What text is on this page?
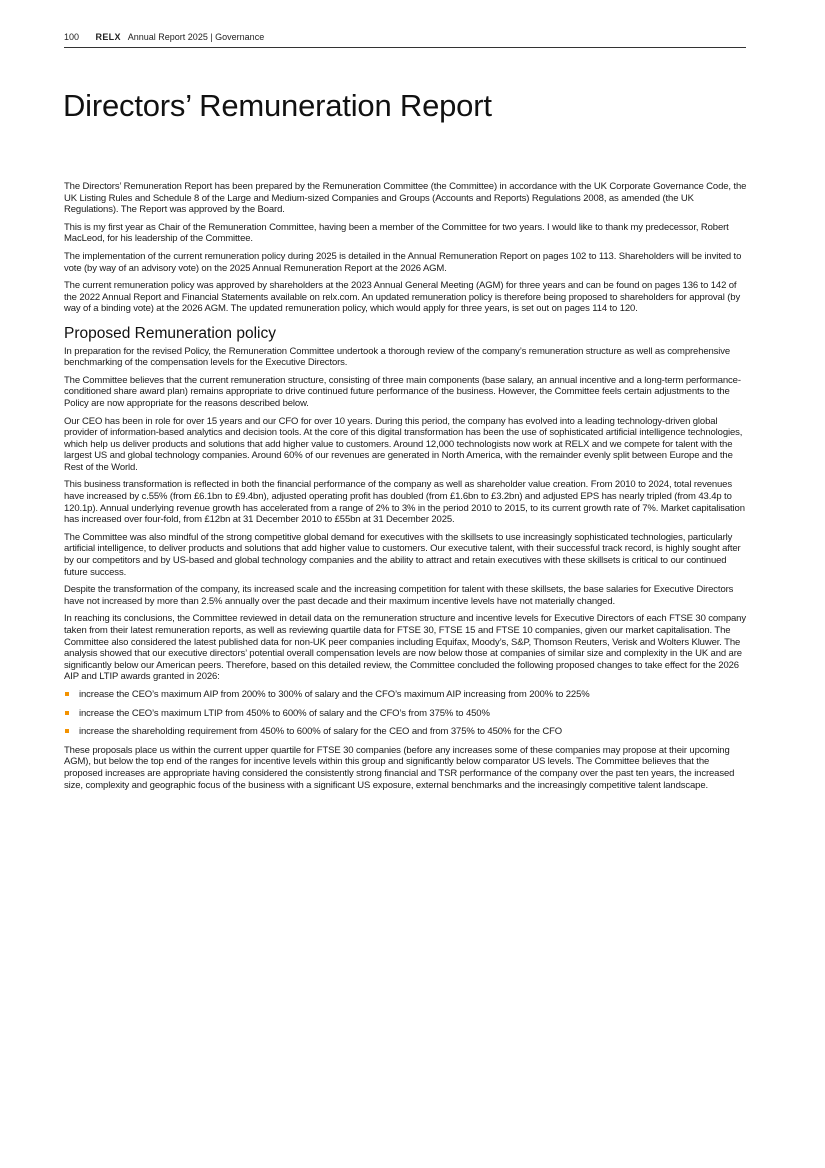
100 RELX Annual Report 2025 | Governance
Directors’ Remuneration Report

The Directors’ Remuneration Report has been prepared by the Remuneration Committee (the Committee) in accordance with the UK Corporate Governance Code, the UK Listing Rules and Schedule 8 of the Large and Medium-sized Companies and Groups (Accounts and Reports) Regulations 2008, as amended (the UK Regulations). The Report was approved by the Board.

This is my first year as Chair of the Remuneration Committee, having been a member of the Committee for two years. I would like to thank my predecessor, Robert MacLeod, for his leadership of the Committee.

The implementation of the current remuneration policy during 2025 is detailed in the Annual Remuneration Report on pages 102 to 113. Shareholders will be invited to vote (by way of an advisory vote) on the 2025 Annual Remuneration Report at the 2026 AGM.

The current remuneration policy was approved by shareholders at the 2023 Annual General Meeting (AGM) for three years and can be found on pages 136 to 142 of the 2022 Annual Report and Financial Statements available on relx.com. An updated remuneration policy is therefore being proposed to shareholders for approval (by way of a binding vote) at the 2026 AGM. The updated remuneration policy, which would apply for three years, is set out on pages 114 to 120.

Proposed Remuneration policy

In preparation for the revised Policy, the Remuneration Committee undertook a thorough review of the company’s remuneration structure as well as comprehensive benchmarking of the compensation levels for the Executive Directors.

The Committee believes that the current remuneration structure, consisting of three main components (base salary, an annual incentive and a long-term performance-conditioned share award plan) remains appropriate to drive continued future performance of the business. However, the Committee feels certain adjustments to the Policy are now appropriate for the reasons described below.

Our CEO has been in role for over 15 years and our CFO for over 10 years. During this period, the company has evolved into a leading technology-driven global provider of information-based analytics and decision tools. At the core of this digital transformation has been the use of sophisticated artificial intelligence technologies, which help us deliver products and solutions that add higher value to customers. Around 12,000 technologists now work at RELX and we compete for talent with the largest US and global technology companies. Around 60% of our revenues are generated in North America, with the remainder evenly split between Europe and the Rest of the World.

This business transformation is reflected in both the financial performance of the company as well as shareholder value creation. From 2010 to 2024, total revenues have increased by c.55% (from £6.1bn to £9.4bn), adjusted operating profit has doubled (from £1.6bn to £3.2bn) and adjusted EPS has nearly tripled (from 43.4p to 120.1p). Annual underlying revenue growth has accelerated from a range of 2% to 3% in the period 2010 to 2015, to its current growth rate of 7%. Market capitalisation has increased over four-fold, from £12bn at 31 December 2010 to £55bn at 31 December 2025.

The Committee was also mindful of the strong competitive global demand for executives with the skillsets to use increasingly sophisticated technologies, particularly artificial intelligence, to deliver products and solutions that add higher value to customers. Our executive talent, with their successful track record, is highly sought after by our competitors and by US-based and global technology companies and the ability to attract and retain executives with these skillsets is critical to our continued future success.

Despite the transformation of the company, its increased scale and the increasing competition for talent with these skillsets, the base salaries for Executive Directors have not increased by more than 2.5% annually over the past decade and their maximum incentive levels have not materially changed.

In reaching its conclusions, the Committee reviewed in detail data on the remuneration structure and incentive levels for Executive Directors of each FTSE 30 company taken from their latest remuneration reports, as well as reviewing quartile data for FTSE 30, FTSE 15 and FTSE 10 companies, given our market capitalisation. The Committee also considered the latest published data for non-UK peer companies including Equifax, Moody’s, S&P, Thomson Reuters, Verisk and Wolters Kluwer. The analysis showed that our executive directors’ potential overall compensation levels are now below those at companies of similar size and complexity in the UK and are significantly below our American peers. Therefore, based on this detailed review, the Committee concluded the following proposed changes to take effect for the 2026 AIP and LTIP awards granted in 2026:

increase the CEO’s maximum AIP from 200% to 300% of salary and the CFO’s maximum AIP increasing from 200% to 225%
increase the CEO’s maximum LTIP from 450% to 600% of salary and the CFO’s from 375% to 450%
increase the shareholding requirement from 450% to 600% of salary for the CEO and from 375% to 450% for the CFO

These proposals place us within the current upper quartile for FTSE 30 companies (before any increases some of these companies may propose at their upcoming AGM), but below the top end of the ranges for incentive levels within this group and significantly below comparator US levels. The Committee believes that the proposed increases are appropriate having considered the consistently strong financial and TSR performance of the company over the past ten years, the increased size, complexity and geographic focus of the business with a significant US exposure, external benchmarks and the increasingly competitive talent landscape.
